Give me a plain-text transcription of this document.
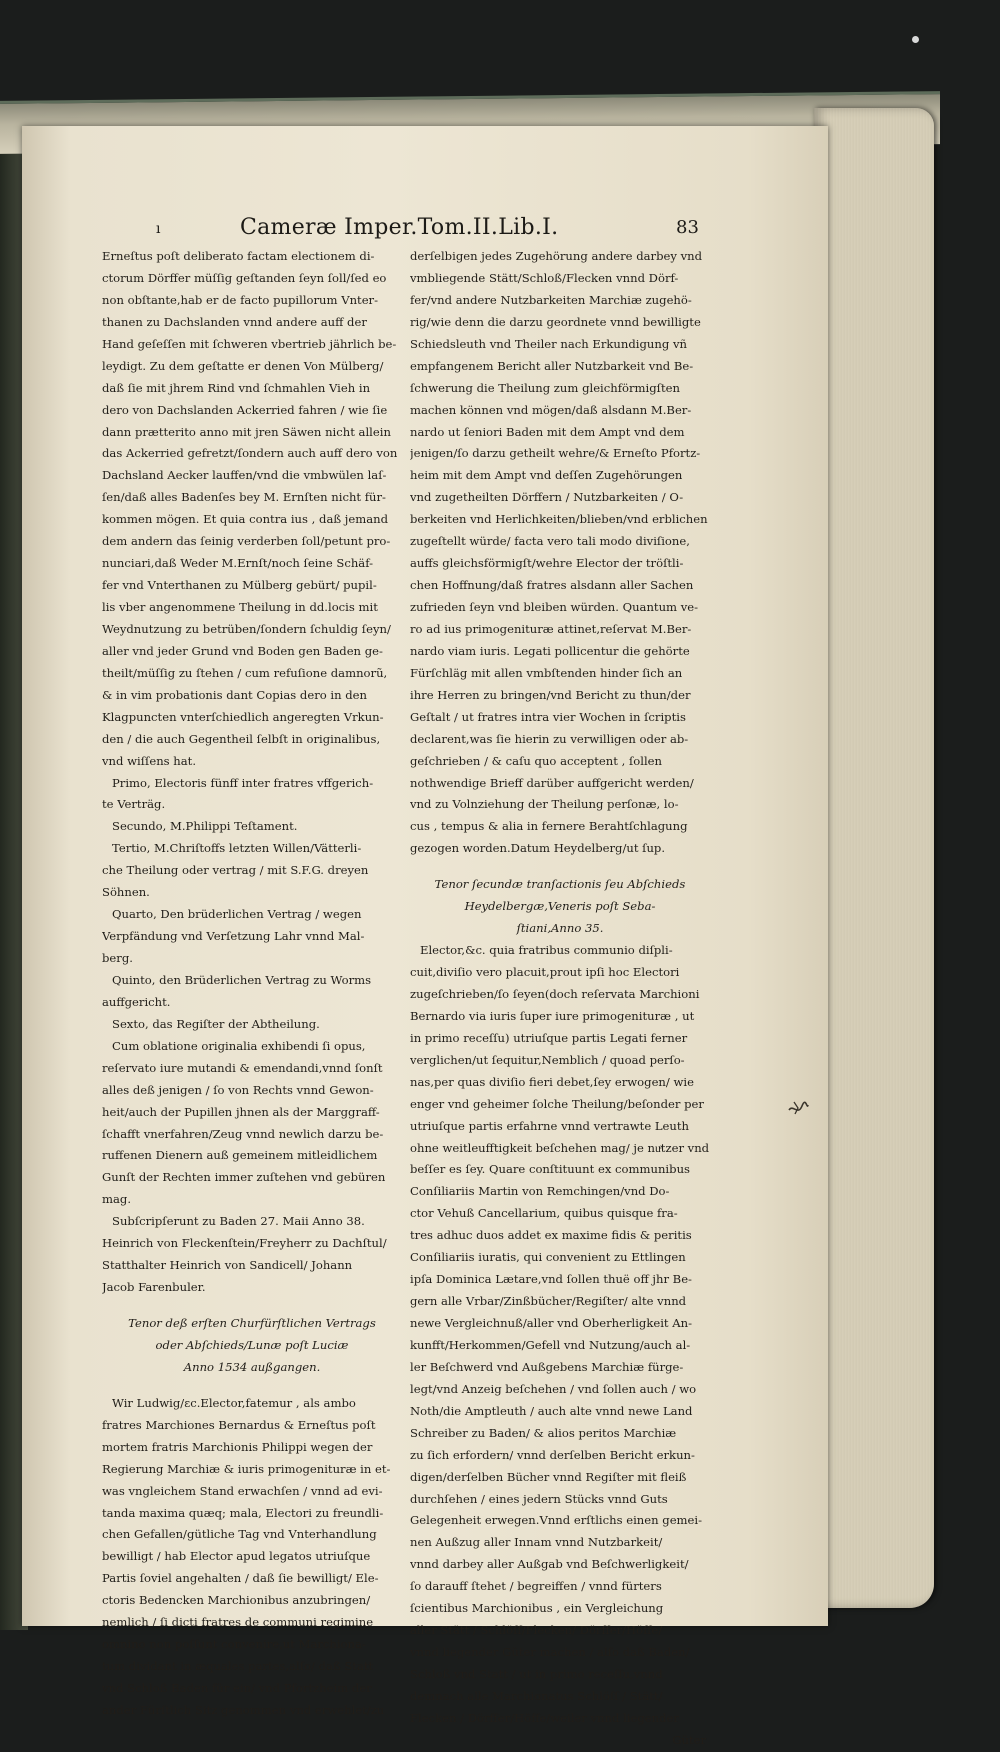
ı	Cameræ Imper.Tom.II.Lib.I.	83
Erneſtus poſt deliberato factam electionem di-
ctorum Dörffer müſſig geſtanden ſeyn ſoll/ſed eo
non obſtante,hab er de facto pupillorum Vnter-
thanen zu Dachslanden vnnd andere auff der
Hand geſeſſen mit ſchweren vbertrieb jährlich be-
leydigt. Zu dem geſtatte er denen Von Mülberg/
daß ſie mit jhrem Rind vnd ſchmahlen Vieh in
dero von Dachslanden Ackerried fahren / wie ſie
dann prætterito anno mit jren Säwen nicht allein
das Ackerried gefretzt/ſondern auch auff dero von
Dachsland Aecker lauffen/vnd die vmbwülen laſ-
ſen/daß alles Badenſes bey M. Ernſten nicht für-
kommen mögen. Et quia contra ius , daß jemand
dem andern das ſeinig verderben ſoll/petunt pro-
nunciari,daß Weder M.Ernſt/noch ſeine Schäf-
fer vnd Vnterthanen zu Mülberg gebürt/ pupil-
lis vber angenommene Theilung in dd.locis mit
Weydnutzung zu betrüben/ſondern ſchuldig ſeyn/
aller vnd jeder Grund vnd Boden gen Baden ge-
theilt/müſſig zu ſtehen / cum refuſione damnorũ,
& in vim probationis dant Copias dero in den
Klagpuncten vnterſchiedlich angeregten Vrkun-
den / die auch Gegentheil ſelbſt in originalibus,
vnd wiſſens hat.
Primo, Electoris fünff inter fratres vffgerich-
te Verträg.
Secundo, M.Philippi Teſtament.
Tertio, M.Chriſtoffs letzten Willen/Vätterli-
che Theilung oder vertrag / mit S.F.G. dreyen
Söhnen.
Quarto, Den brüderlichen Vertrag / wegen
Verpfändung vnd Verſetzung Lahr vnnd Mal-
berg.
Quinto, den Brüderlichen Vertrag zu Worms
auffgericht.
Sexto, das Regiſter der Abtheilung.
Cum oblatione originalia exhibendi ſi opus,
reſervato iure mutandi & emendandi,vnnd ſonſt
alles deß jenigen / ſo von Rechts vnnd Gewon-
heit/auch der Pupillen jhnen als der Marggraff-
ſchafft vnerfahren/Zeug vnnd newlich darzu be-
ruffenen Dienern auß gemeinem mitleidlichem
Gunſt der Rechten immer zuſtehen vnd gebüren
mag.
Subſcripſerunt zu Baden 27. Maii Anno 38.
Heinrich von Fleckenſtein/Freyherr zu Dachſtul/
Statthalter Heinrich von Sandicell/ Johann
Jacob Farenbuler.
Tenor deß erſten Churfürſtlichen Vertrags
oder Abſchieds/Lunæ poſt Luciæ
Anno 1534 außgangen.
Wir Ludwig/ɛc.Elector,fatemur , als ambo
fratres Marchiones Bernardus & Erneſtus poſt
mortem fratris Marchionis Philippi wegen der
Regierung Marchiæ & iuris primogenituræ in et-
was vngleichem Stand erwachſen / vnnd ad evi-
tanda maxima quæq; mala, Electori zu freundli-
chen Gefallen/gütliche Tag vnd Vnterhandlung
bewilligt / hab Elector apud legatos utriuſque
Partis ſoviel angehalten / daß ſie bewilligt/ Ele-
ctoris Bedencken Marchionibus anzubringen/
nemlich / ſi dicti fratres de communi regimine
omnino non poſſunt convenire,ut Marchiona-
tum dividant in æquales partes,alſo/ daß Statt
vnd Schloß Baden für ein/ vnd Pfortzheim der
ander Fürſtlich Sitz genommen vnd erwehlet/zu
derſelbigen jedes Zugehörung andere darbey vnd
vmbliegende Stätt/Schloß/Flecken vnnd Dörf-
fer/vnd andere Nutzbarkeiten Marchiæ zugehö-
rig/wie denn die darzu geordnete vnnd bewilligte
Schiedsleuth vnd Theiler nach Erkundigung vñ
empfangenem Bericht aller Nutzbarkeit vnd Be-
ſchwerung die Theilung zum gleichförmigſten
machen können vnd mögen/daß alsdann M.Ber-
nardo ut ſeniori Baden mit dem Ampt vnd dem
jenigen/ſo darzu getheilt wehre/& Erneſto Pfortz-
heim mit dem Ampt vnd deſſen Zugehörungen
vnd zugetheilten Dörffern / Nutzbarkeiten / O-
berkeiten vnd Herlichkeiten/blieben/vnd erblichen
zugeſtellt würde/ facta vero tali modo diviſione,
auffs gleichsförmigſt/wehre Elector der tröſtli-
chen Hoffnung/daß fratres alsdann aller Sachen
zufrieden ſeyn vnd bleiben würden. Quantum ve-
ro ad ius primogenituræ attinet,reſervat M.Ber-
nardo viam iuris. Legati pollicentur die gehörte
Fürſchläg mit allen vmbſtenden hinder ſich an
ihre Herren zu bringen/vnd Bericht zu thun/der
Geſtalt / ut fratres intra vier Wochen in ſcriptis
declarent,was ſie hierin zu verwilligen oder ab-
geſchrieben / & caſu quo acceptent , ſollen
nothwendige Brieff darüber auffgericht werden/
vnd zu Volnziehung der Theilung perſonæ, lo-
cus , tempus & alia in fernere Berahtſchlagung
gezogen worden.Datum Heydelberg/ut ſup.
Tenor ſecundæ tranſactionis ſeu Abſchieds
Heydelbergæ,Veneris poſt Seba-
ſtiani,Anno 35.
Elector,&c. quia fratribus communio diſpli-
cuit,diviſio vero placuit,prout ipſi hoc Electori
zugeſchrieben/ſo ſeyen(doch reſervata Marchioni
Bernardo via iuris ſuper iure primogenituræ , ut
in primo receſſu) utriuſque partis Legati ferner
verglichen/ut ſequitur,Nemblich / quoad perſo-
nas,per quas diviſio fieri debet,ſey erwogen/ wie
enger vnd geheimer ſolche Theilung/beſonder per
utriuſque partis erfahrne vnnd vertrawte Leuth
ohne weitleufftigkeit beſchehen mag/ je nuͤtzer vnd
beſſer es ſey. Quare conſtituunt ex communibus
Conſiliariis Martin von Remchingen/vnd Do-
ctor Vehuß Cancellarium, quibus quisque fra-
tres adhuc duos addet ex maxime fidis & peritis
Conſiliariis iuratis, qui convenient zu Ettlingen
ipſa Dominica Lætare,vnd ſollen thuë off jhr Be-
gern alle Vrbar/Zinßbücher/Regiſter/ alte vnnd
newe Vergleichnuß/aller vnd Oberherligkeit An-
kunfft/Herkommen/Gefell vnd Nutzung/auch al-
ler Beſchwerd vnd Außgebens Marchiæ fürge-
legt/vnd Anzeig beſchehen / vnd ſollen auch / wo
Noth/die Amptleuth / auch alte vnnd newe Land
Schreiber zu Baden/ & alios peritos Marchiæ
zu ſich erfordern/ vnnd derſelben Bericht erkun-
digen/derſelben Bücher vnnd Regiſter mit fleiß
durchſehen / eines jedern Stücks vnnd Guts
Gelegenheit erwegen.Vnnd erſtlichs einen gemei-
nen Außzug aller Innam vnnd Nutzbarkeit/
vnnd darbey aller Außgab vnd Beſchwerligkeit/
ſo darauff ſtehet / begreiffen / vnnd fürters
ſcientibus Marchionibus , ein Vergleichung
aller Stätt / Schlöſſ/Flecken/ Dörffer/Höffe/
vnnd liegender Güter machen / alſo daß Baden/
Schloß vnd Statt / ut in primo receſſu,vnnd
demnach alle Marchionatus Schlöſſ / Stätt/
Flecken / Dörffer/Höffe/weiler vnnd liegender
Güter
